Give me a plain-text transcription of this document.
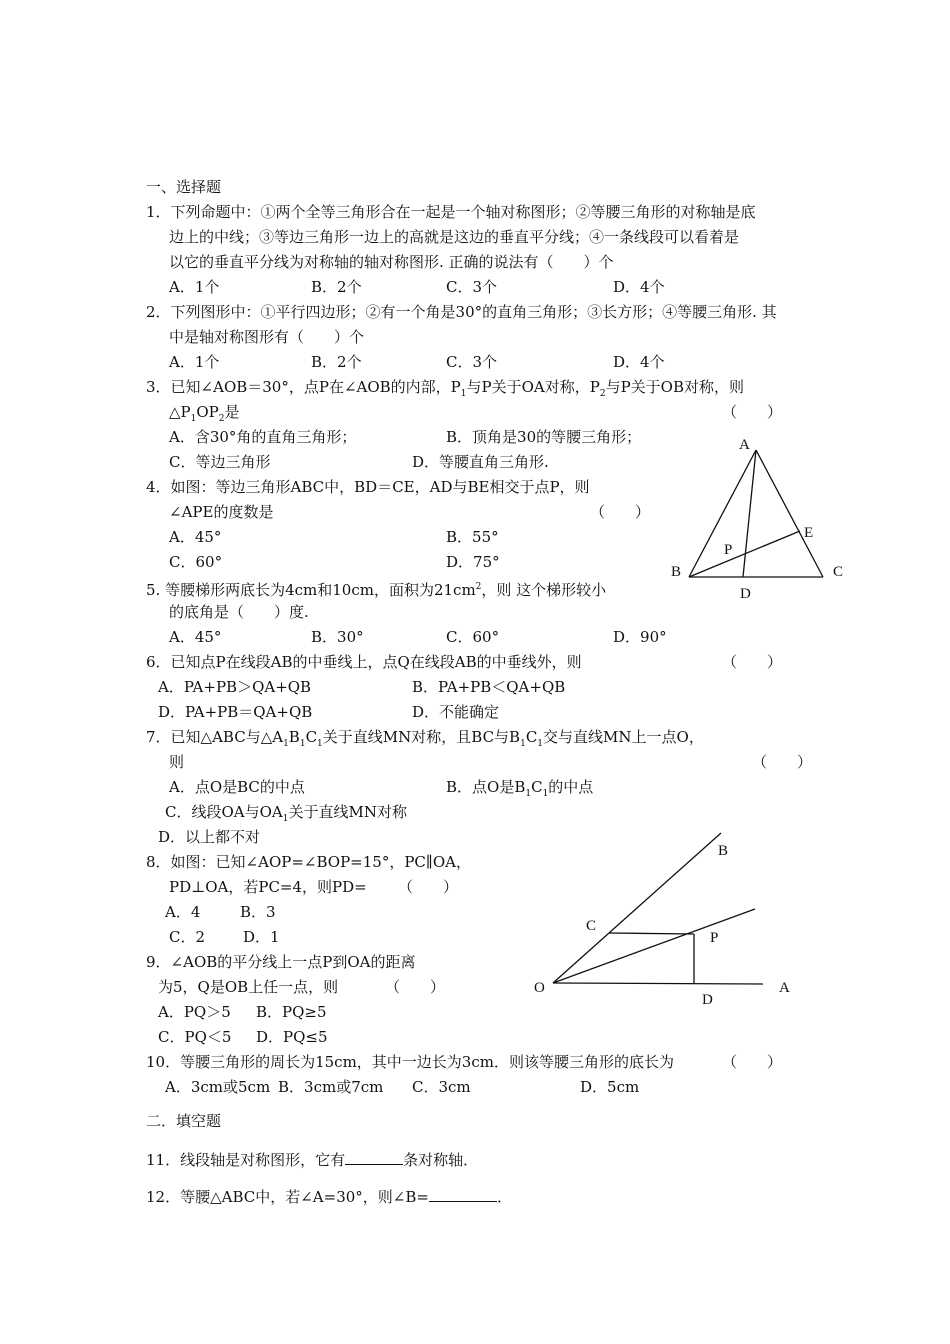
一、选择题
1．下列命题中：①两个全等三角形合在一起是一个轴对称图形；②等腰三角形的对称轴是底
边上的中线；③等边三角形一边上的高就是这边的垂直平分线；④一条线段可以看着是
以它的垂直平分线为对称轴的轴对称图形. 正确的说法有（　　）个
A．1个	B．2个	C．3个	D．4个
2．下列图形中：①平行四边形；②有一个角是30°的直角三角形；③长方形；④等腰三角形. 其
中是轴对称图形有（　　）个
A．1个	B．2个	C．3个	D．4个
3．已知∠AOB＝30°，点P在∠AOB的内部，$P_1$与P关于OA对称，$P_2$与P关于OB对称，则
$\triangle P_1OP_2$是	（　　）
A．含30°角的直角三角形；	B．顶角是30的等腰三角形；
C．等边三角形	D．等腰直角三角形.
4．如图：等边三角形ABC中，BD＝CE，AD与BE相交于点P，则
∠APE的度数是	（　　）
A．45°	B．55°
C．60°	D．75°
5. 等腰梯形两底长为4cm和10cm，面积为$21cm^2$，则 这个梯形较小
的底角是（　　）度.
A．45°	B．30°	C．60°	D．90°
6．已知点P在线段AB的中垂线上，点Q在线段AB的中垂线外，则	（　　）
A．PA+PB＞QA+QB	B．PA+PB＜QA+QB
D．PA+PB＝QA+QB	D．不能确定
7．已知△ABC与$\triangle A_1B_1C_1$关于直线MN对称，且BC与$B_1C_1$交与直线MN上一点O，
则	（　　）
A．点O是BC的中点	B．点O是$B_1C_1$的中点
C．线段OA与$OA_1$关于直线MN对称
D．以上都不对
8．如图：已知∠AOP=∠BOP=15°，PC∥OA，
PD⊥OA，若PC=4，则PD= （　　）
A．4	B．3
C．2	D．1
9．∠AOB的平分线上一点P到OA的距离
为5，Q是OB上任一点，则	（　　）
A．PQ＞5 B．PQ≥5
C．PQ＜5 D．PQ≤5
10．等腰三角形的周长为15cm，其中一边长为3cm．则该等腰三角形的底长为	（　　）
A．3cm或5cm B．3cm或7cm C．3cm	D．5cm
二．填空题
11．线段轴是对称图形，它有	条对称轴．
12．等腰△ABC中，若∠A=30°，则∠B=	．
A
B	C
D
E
P
O	A
B
C
D
P
